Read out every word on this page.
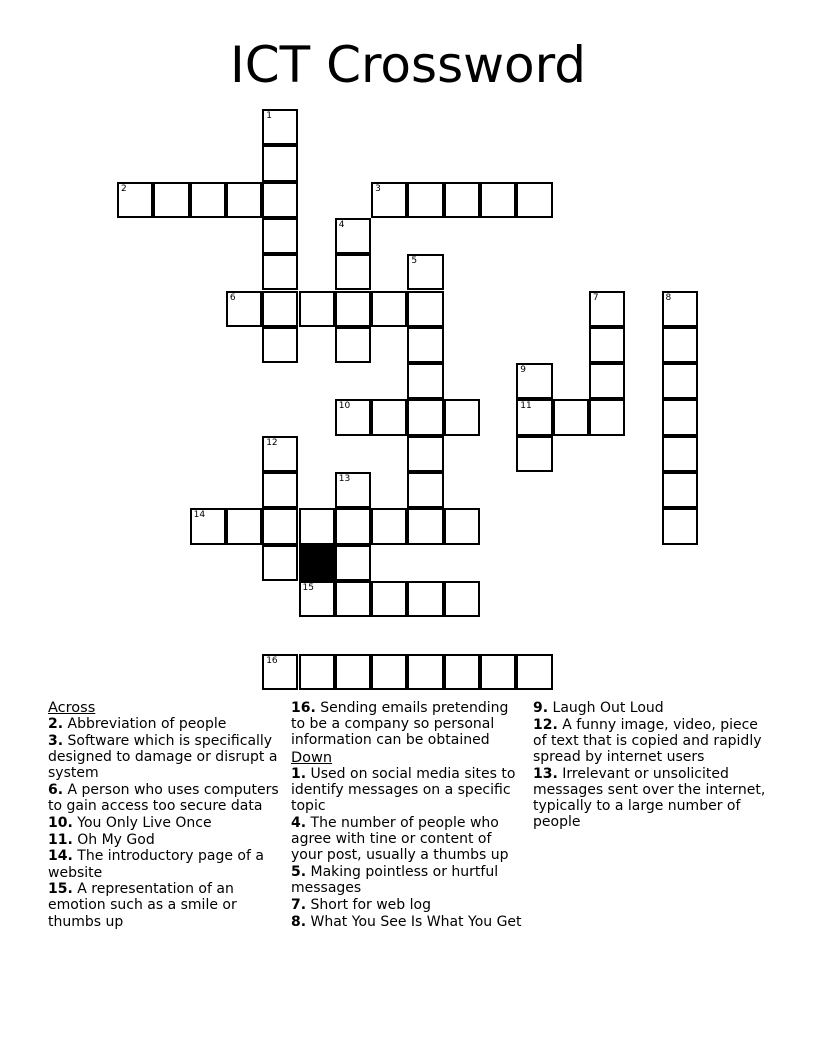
ICT Crossword
1
2	3
4
5
6	7	8
9
10	11
12
13
14
15
16
Across
2. Abbreviation of people
3. Software which is specifically designed to damage or disrupt a system
6. A person who uses computers to gain access too secure data
10. You Only Live Once
11. Oh My God
14. The introductory page of a website
15. A representation of an emotion such as a smile or thumbs up
16. Sending emails pretending to be a company so personal information can be obtained
Down
1. Used on social media sites to identify messages on a specific topic
4. The number of people who agree with tine or content of your post, usually a thumbs up
5. Making pointless or hurtful messages
7. Short for web log
8. What You See Is What You Get
9. Laugh Out Loud
12. A funny image, video, piece of text that is copied and rapidly spread by internet users
13. Irrelevant or unsolicited messages sent over the internet, typically to a large number of people
